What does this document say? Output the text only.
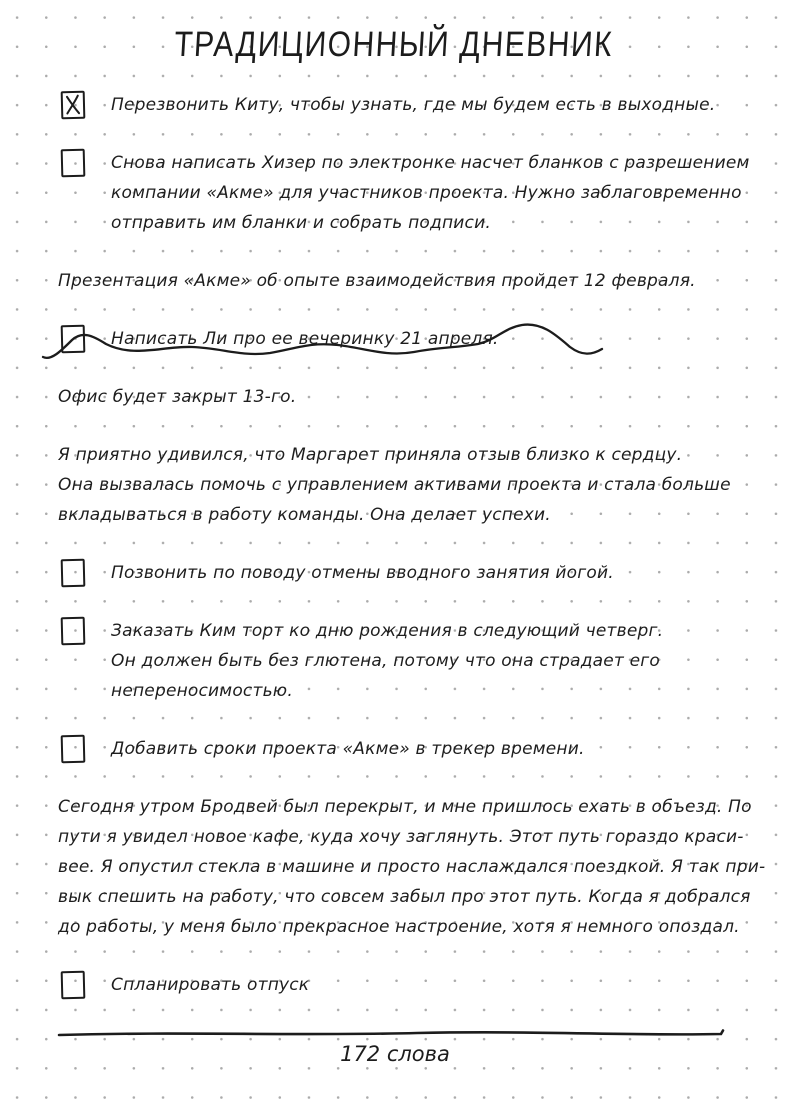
ТРАДИЦИОННЫЙ ДНЕВНИК
Перезвонить Киту, чтобы узнать, где мы будем есть в выходные.
Снова написать Хизер по электронке насчет бланков с разрешением
компании «Акме» для участников проекта. Нужно заблаговременно
отправить им бланки и собрать подписи.
Презентация «Акме» об опыте взаимодействия пройдет 12 февраля.
Написать Ли про ее вечеринку 21 апреля.
Офис будет закрыт 13-го.
Я приятно удивился, что Маргарет приняла отзыв близко к сердцу.
Она вызвалась помочь с управлением активами проекта и стала больше
вкладываться в работу команды. Она делает успехи.
Позвонить по поводу отмены вводного занятия йогой.
Заказать Ким торт ко дню рождения в следующий четверг.
Он должен быть без глютена, потому что она страдает его
непереносимостью.
Добавить сроки проекта «Акме» в трекер времени.
Сегодня утром Бродвей был перекрыт, и мне пришлось ехать в объезд. По
пути я увидел новое кафе, куда хочу заглянуть. Этот путь гораздо краси-
вее. Я опустил стекла в машине и просто наслаждался поездкой. Я так при-
вык спешить на работу, что совсем забыл про этот путь. Когда я добрался
до работы, у меня было прекрасное настроение, хотя я немного опоздал.
Спланировать отпуск
172 слова
